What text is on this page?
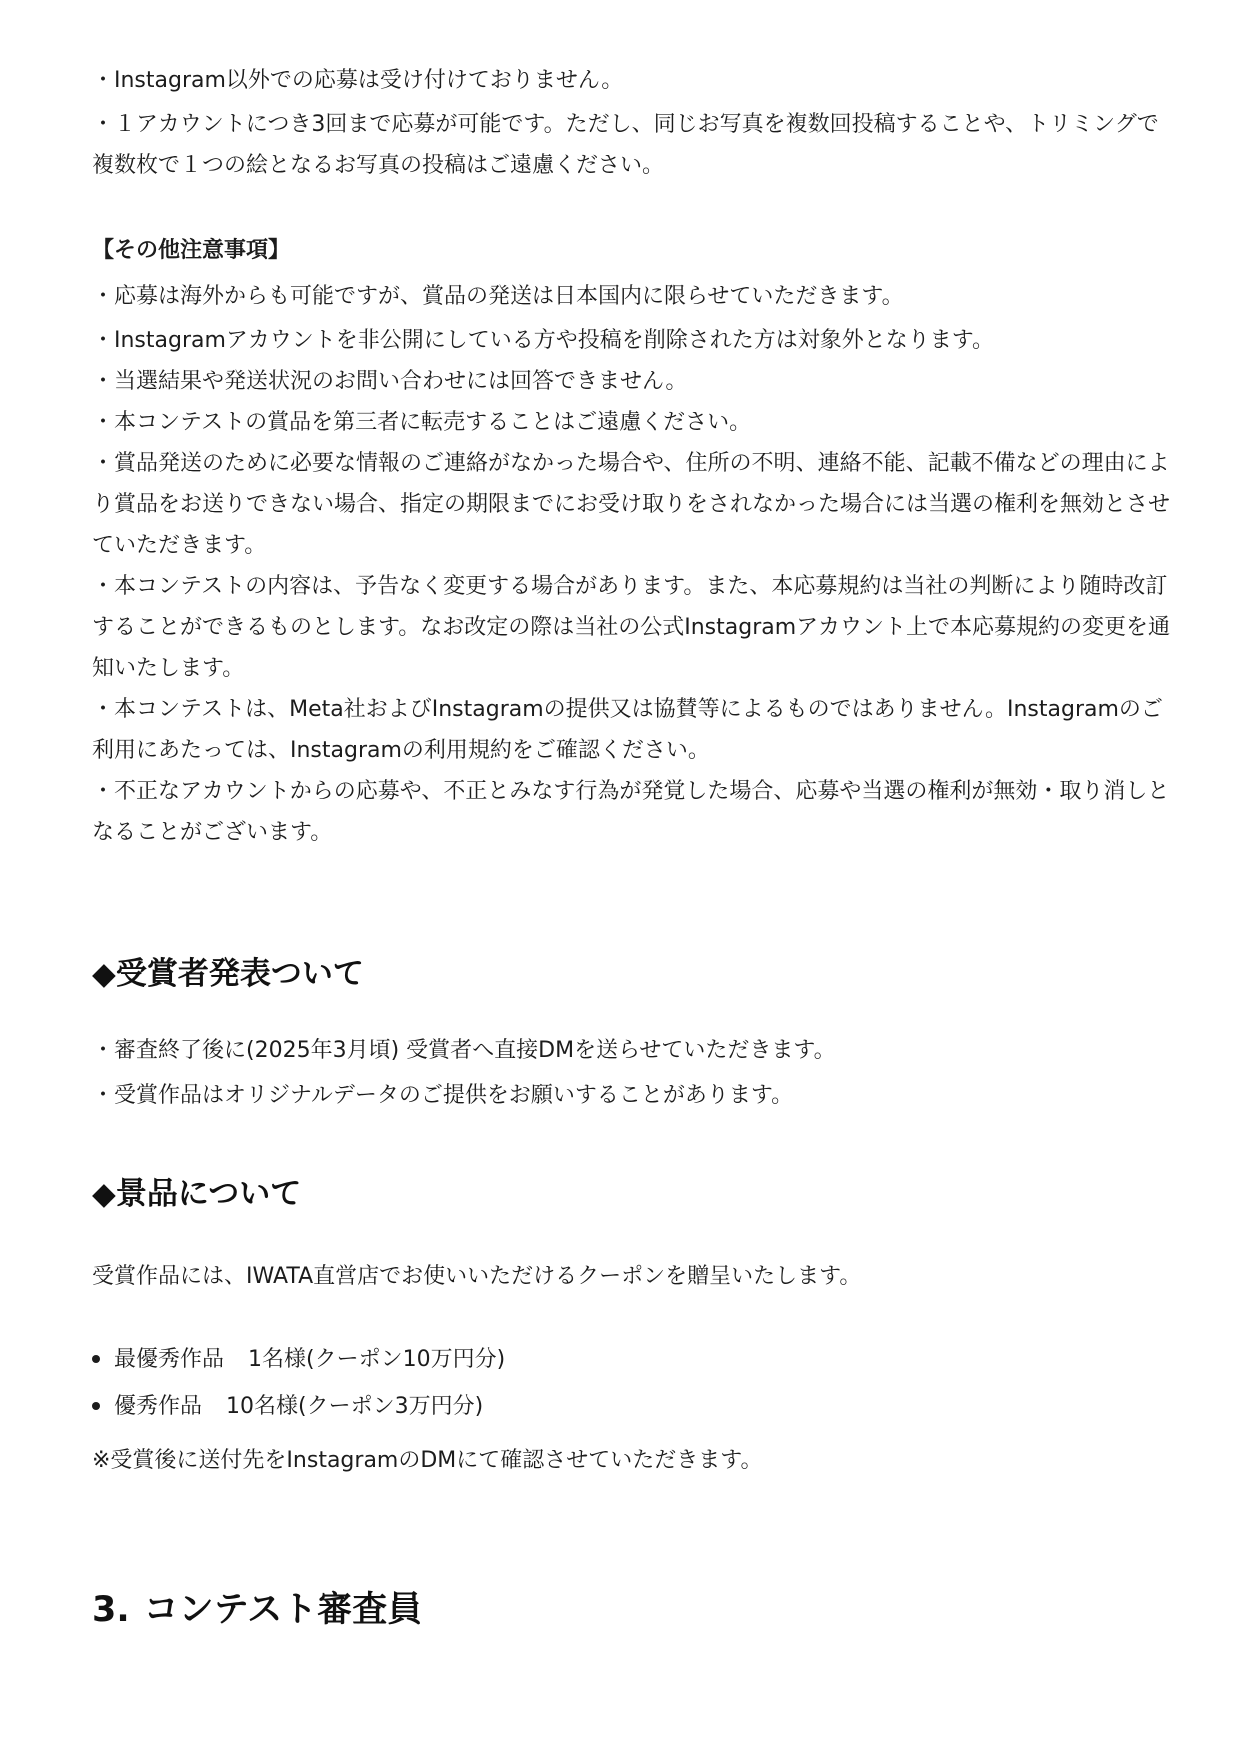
・Instagram以外での応募は受け付けておりません。
・１アカウントにつき3回まで応募が可能です。ただし、同じお写真を複数回投稿することや、トリミングで複数枚で１つの絵となるお写真の投稿はご遠慮ください。
【その他注意事項】
・応募は海外からも可能ですが、賞品の発送は日本国内に限らせていただきます。
・Instagramアカウントを非公開にしている方や投稿を削除された方は対象外となります。
・当選結果や発送状況のお問い合わせには回答できません。
・本コンテストの賞品を第三者に転売することはご遠慮ください。
・賞品発送のために必要な情報のご連絡がなかった場合や、住所の不明、連絡不能、記載不備などの理由により賞品をお送りできない場合、指定の期限までにお受け取りをされなかった場合には当選の権利を無効とさせていただきます。
・本コンテストの内容は、予告なく変更する場合があります。また、本応募規約は当社の判断により随時改訂することができるものとします。なお改定の際は当社の公式Instagramアカウント上で本応募規約の変更を通知いたします。
・本コンテストは、Meta社およびInstagramの提供又は協賛等によるものではありません。Instagramのご利用にあたっては、Instagramの利用規約をご確認ください。
・不正なアカウントからの応募や、不正とみなす行為が発覚した場合、応募や当選の権利が無効・取り消しとなることがございます。
◆受賞者発表ついて
・審査終了後に(2025年3月頃) 受賞者へ直接DMを送らせていただきます。
・受賞作品はオリジナルデータのご提供をお願いすることがあります。
◆景品について
受賞作品には、IWATA直営店でお使いいただけるクーポンを贈呈いたします。
最優秀作品 1名様(クーポン10万円分)
優秀作品 10名様(クーポン3万円分)
※受賞後に送付先をInstagramのDMにて確認させていただきます。
3. コンテスト審査員
